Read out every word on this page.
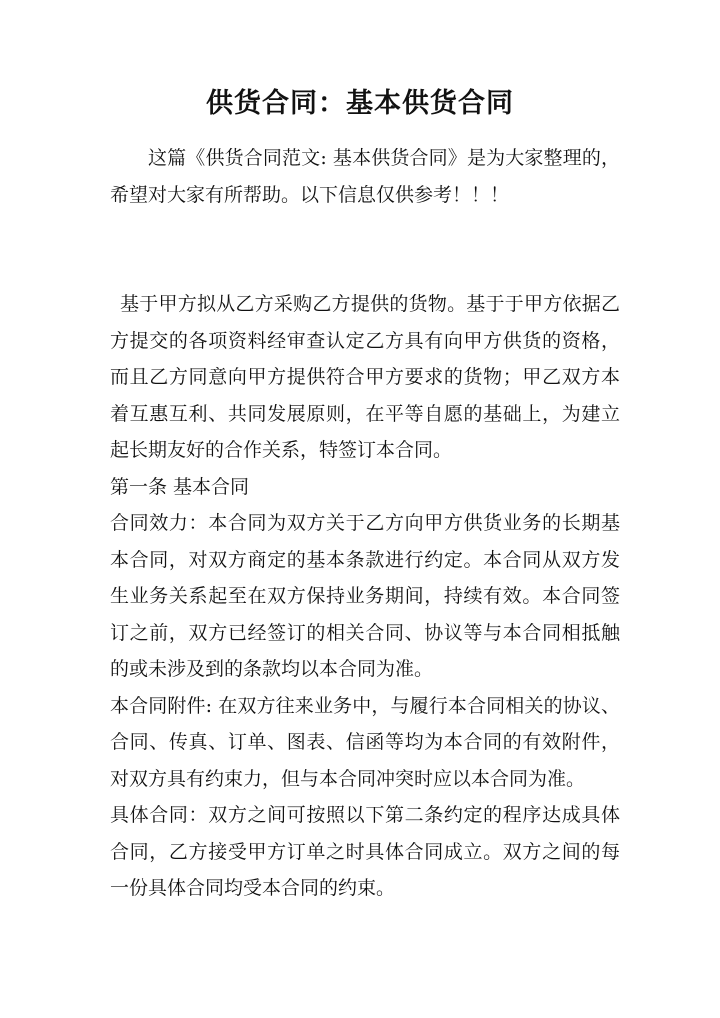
供货合同：基本供货合同

这篇《供货合同范文: 基本供货合同》是为大家整理的，希望对大家有所帮助。以下信息仅供参考！！！

基于甲方拟从乙方采购乙方提供的货物。基于于甲方依据乙方提交的各项资料经审查认定乙方具有向甲方供货的资格，而且乙方同意向甲方提供符合甲方要求的货物；甲乙双方本着互惠互利、共同发展原则，在平等自愿的基础上，为建立起长期友好的合作关系，特签订本合同。

第一条 基本合同

合同效力：本合同为双方关于乙方向甲方供货业务的长期基本合同，对双方商定的基本条款进行约定。本合同从双方发生业务关系起至在双方保持业务期间，持续有效。本合同签订之前，双方已经签订的相关合同、协议等与本合同相抵触的或未涉及到的条款均以本合同为准。

本合同附件: 在双方往来业务中，与履行本合同相关的协议、合同、传真、订单、图表、信函等均为本合同的有效附件，对双方具有约束力，但与本合同冲突时应以本合同为准。

具体合同：双方之间可按照以下第二条约定的程序达成具体合同，乙方接受甲方订单之时具体合同成立。双方之间的每一份具体合同均受本合同的约束。
